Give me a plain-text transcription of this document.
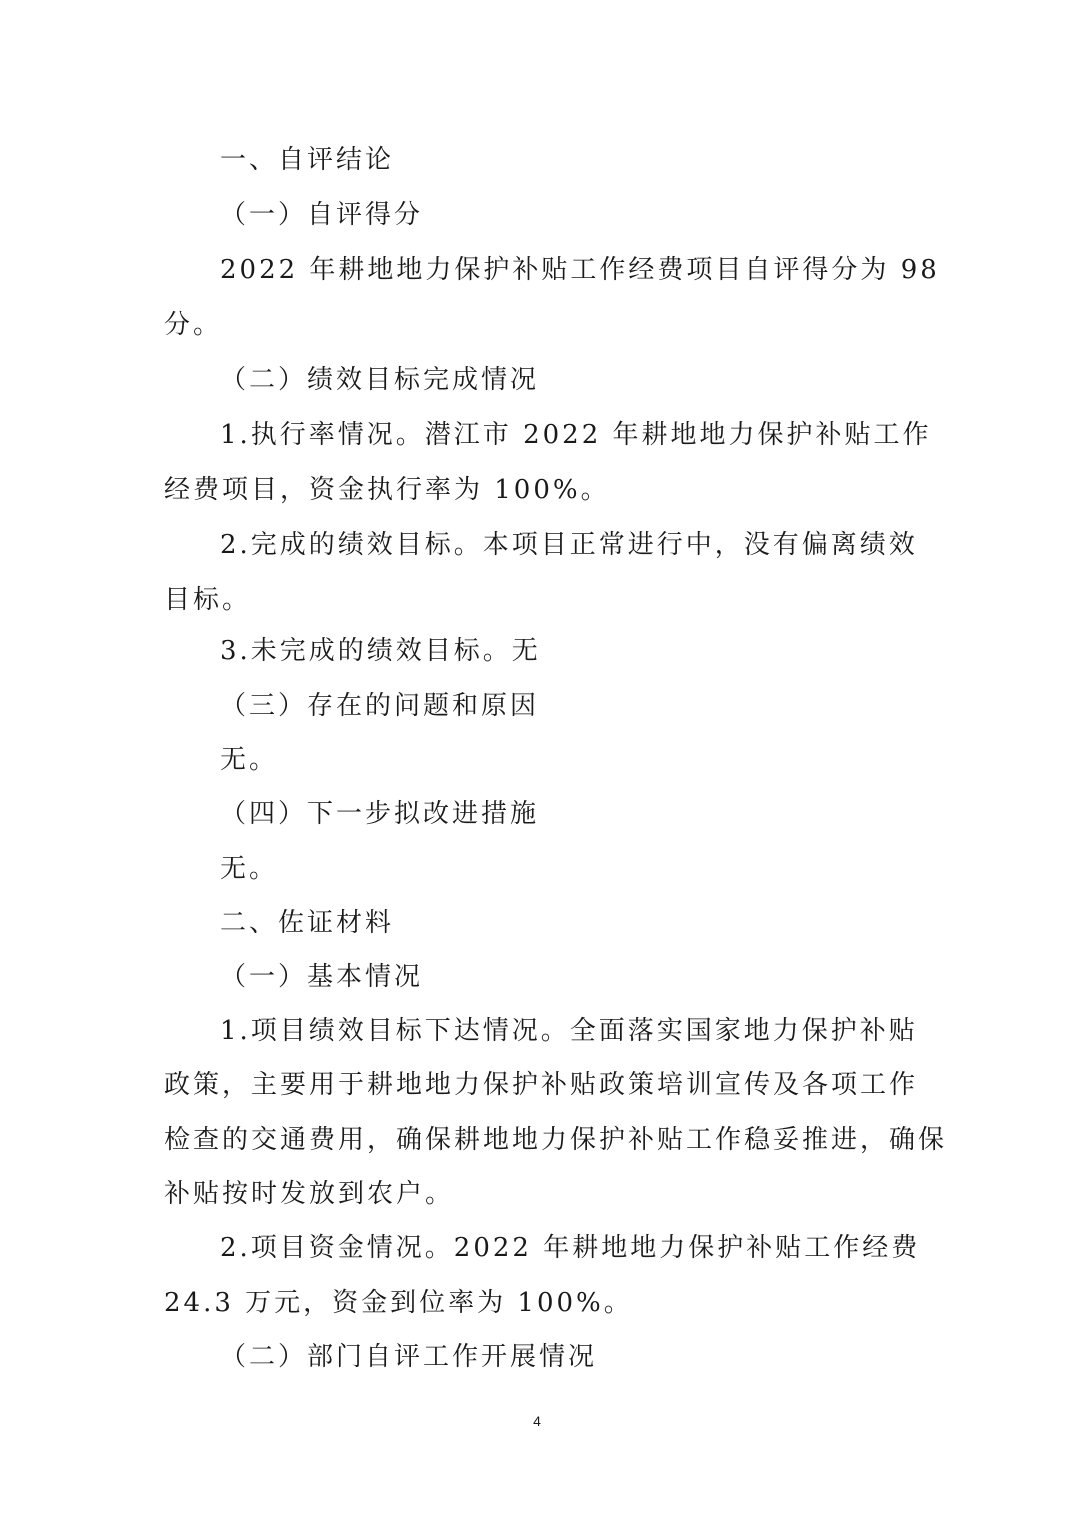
一、自评结论
（一）自评得分
2022 年耕地地力保护补贴工作经费项目自评得分为 98
分。
（二）绩效目标完成情况
1.执行率情况。潜江市 2022 年耕地地力保护补贴工作
经费项目，资金执行率为 100%。
2.完成的绩效目标。本项目正常进行中，没有偏离绩效
目标。
3.未完成的绩效目标。无
（三）存在的问题和原因
无。
（四）下一步拟改进措施
无。
二、佐证材料
（一）基本情况
1.项目绩效目标下达情况。全面落实国家地力保护补贴
政策，主要用于耕地地力保护补贴政策培训宣传及各项工作
检查的交通费用，确保耕地地力保护补贴工作稳妥推进，确保
补贴按时发放到农户。
2.项目资金情况。2022 年耕地地力保护补贴工作经费
24.3 万元，资金到位率为 100%。
（二）部门自评工作开展情况
4
